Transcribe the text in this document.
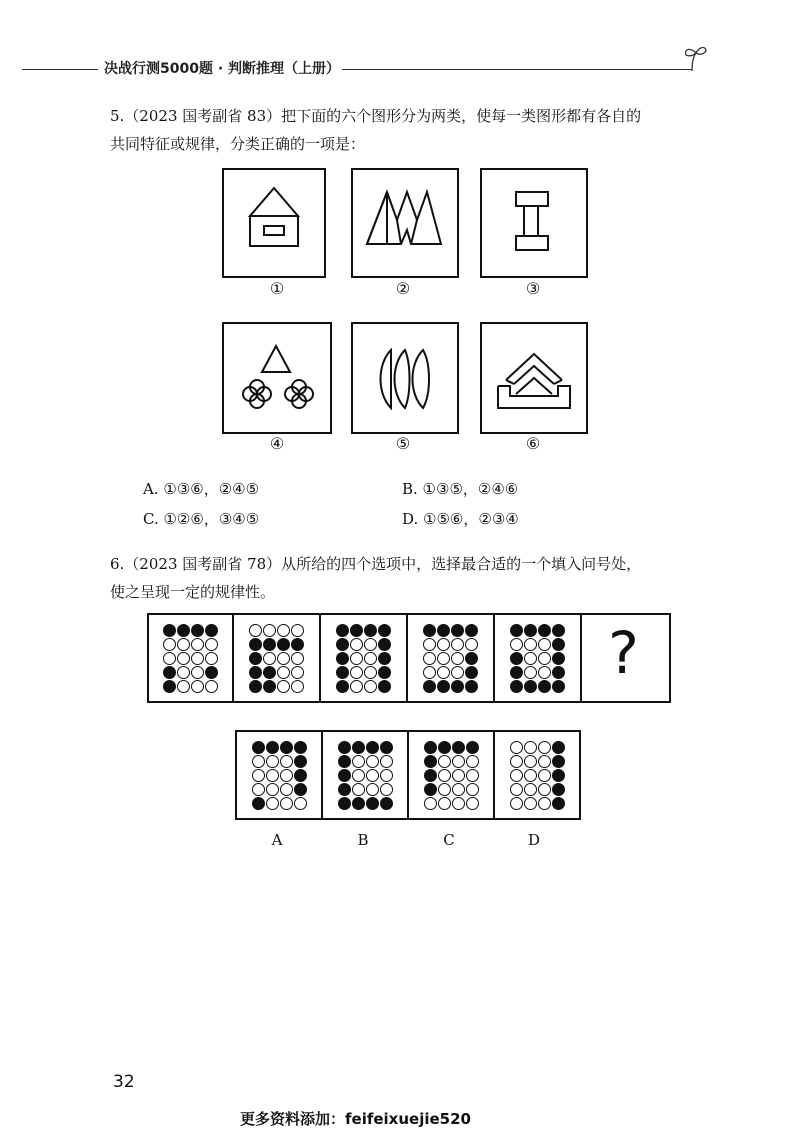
决战行测5000题 · 判断推理（上册）
5.（2023 国考副省 83）把下面的六个图形分为两类，使每一类图形都有各自的
共同特征或规律，分类正确的一项是：
①	②	③
④	⑤	⑥
A. ①③⑥，②④⑤	B. ①③⑤，②④⑥
C. ①②⑥，③④⑤	D. ①⑤⑥，②③④
6.（2023 国考副省 78）从所给的四个选项中，选择最合适的一个填入问号处，
使之呈现一定的规律性。
?
A	B	C	D
32
更多资料添加：feifeixuejie520
